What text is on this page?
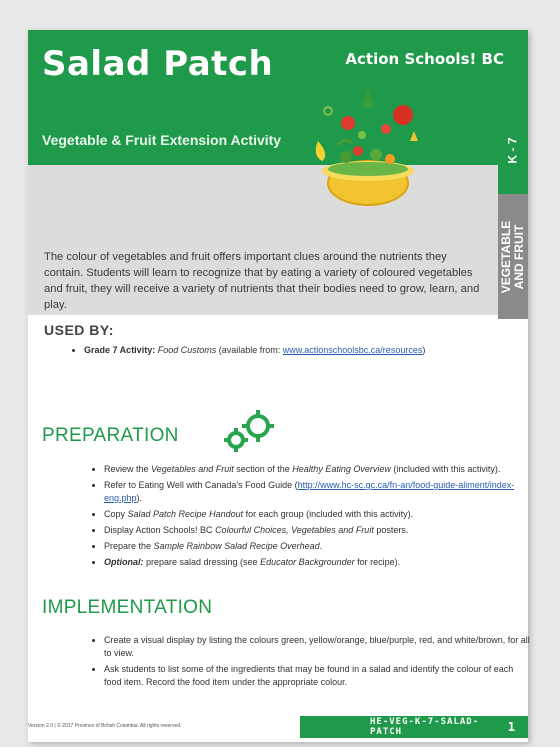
Salad Patch	Action Schools! BC
Vegetable & Fruit Extension Activity
The colour of vegetables and fruit offers important clues around the nutrients they contain. Students will learn to recognize that by eating a variety of coloured vegetables and fruit, they will receive a variety of nutrients that their bodies need to grow, learn, and play.
K - 7
VEGETABLE
AND FRUIT
USED BY:
• Grade 7 Activity: Food Customs (available from: www.actionschoolsbc.ca/resources)
PREPARATION
• Review the Vegetables and Fruit section of the Healthy Eating Overview (included with this activity).
• Refer to Eating Well with Canada's Food Guide (http://www.hc-sc.gc.ca/fn-an/food-guide-aliment/index-eng.php).
• Copy Salad Patch Recipe Handout for each group (included with this activity).
• Display Action Schools! BC Colourful Choices, Vegetables and Fruit posters.
• Prepare the Sample Rainbow Salad Recipe Overhead.
• Optional: prepare salad dressing (see Educator Backgrounder for recipe).
IMPLEMENTATION
• Create a visual display by listing the colours green, yellow/orange, blue/purple, red, and white/brown, for all to view.
• Ask students to list some of the ingredients that may be found in a salad and identify the colour of each food item. Record the food item under the appropriate colour.
Version 2.0 | © 2017 Province of British Columbia. All rights reserved.	HE-VEG-K-7-SALAD-PATCH	1
